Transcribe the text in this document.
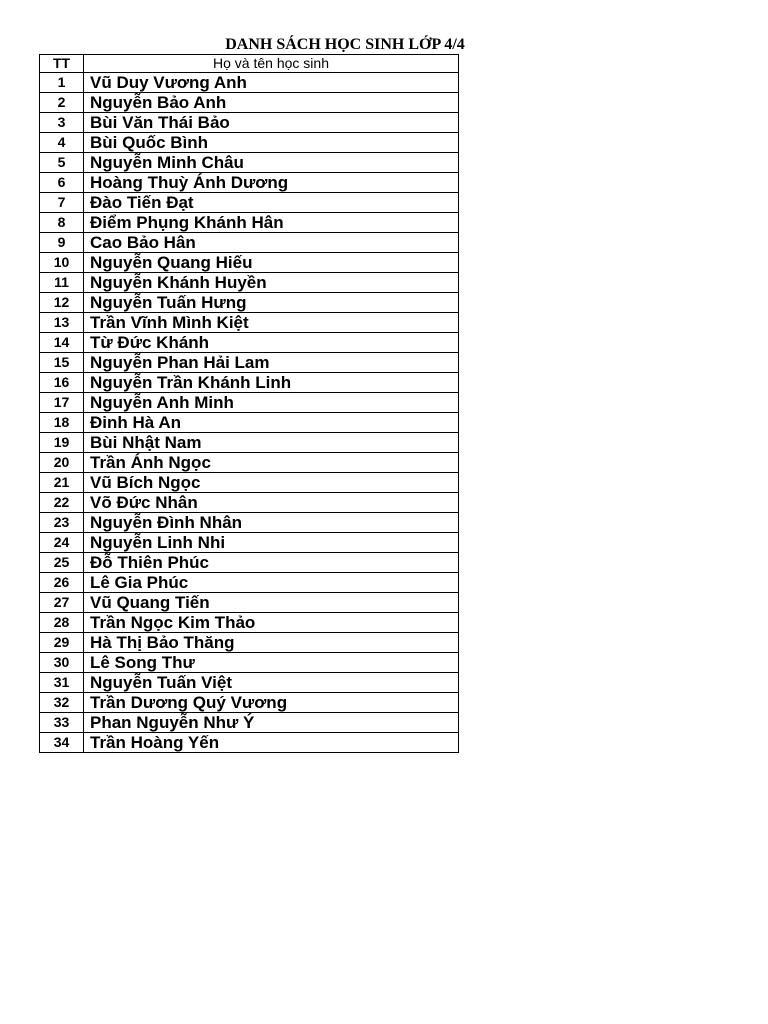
DANH SÁCH HỌC SINH LỚP 4/4
TT	Họ và tên học sinh
1	Vũ Duy Vương Anh
2	Nguyễn Bảo Anh
3	Bùi Văn Thái Bảo
4	Bùi Quốc Bình
5	Nguyễn Minh Châu
6	Hoàng Thuỳ Ánh Dương
7	Đào Tiến Đạt
8	Điểm Phụng Khánh Hân
9	Cao Bảo Hân
10	Nguyễn Quang Hiếu
11	Nguyễn Khánh Huyền
12	Nguyễn Tuấn Hưng
13	Trần Vĩnh Mình Kiệt
14	Từ Đức Khánh
15	Nguyễn Phan Hải Lam
16	Nguyễn Trần Khánh Linh
17	Nguyễn Anh Minh
18	Đinh Hà An
19	Bùi Nhật Nam
20	Trần Ánh Ngọc
21	Vũ Bích Ngọc
22	Võ Đức Nhân
23	Nguyễn Đình Nhân
24	Nguyễn Linh Nhi
25	Đỗ Thiên Phúc
26	Lê Gia Phúc
27	Vũ Quang Tiến
28	Trần Ngọc Kim Thảo
29	Hà Thị Bảo Thăng
30	Lê Song Thư
31	Nguyễn Tuấn Việt
32	Trần Dương Quý Vương
33	Phan Nguyễn Như Ý
34	Trần Hoàng Yến
